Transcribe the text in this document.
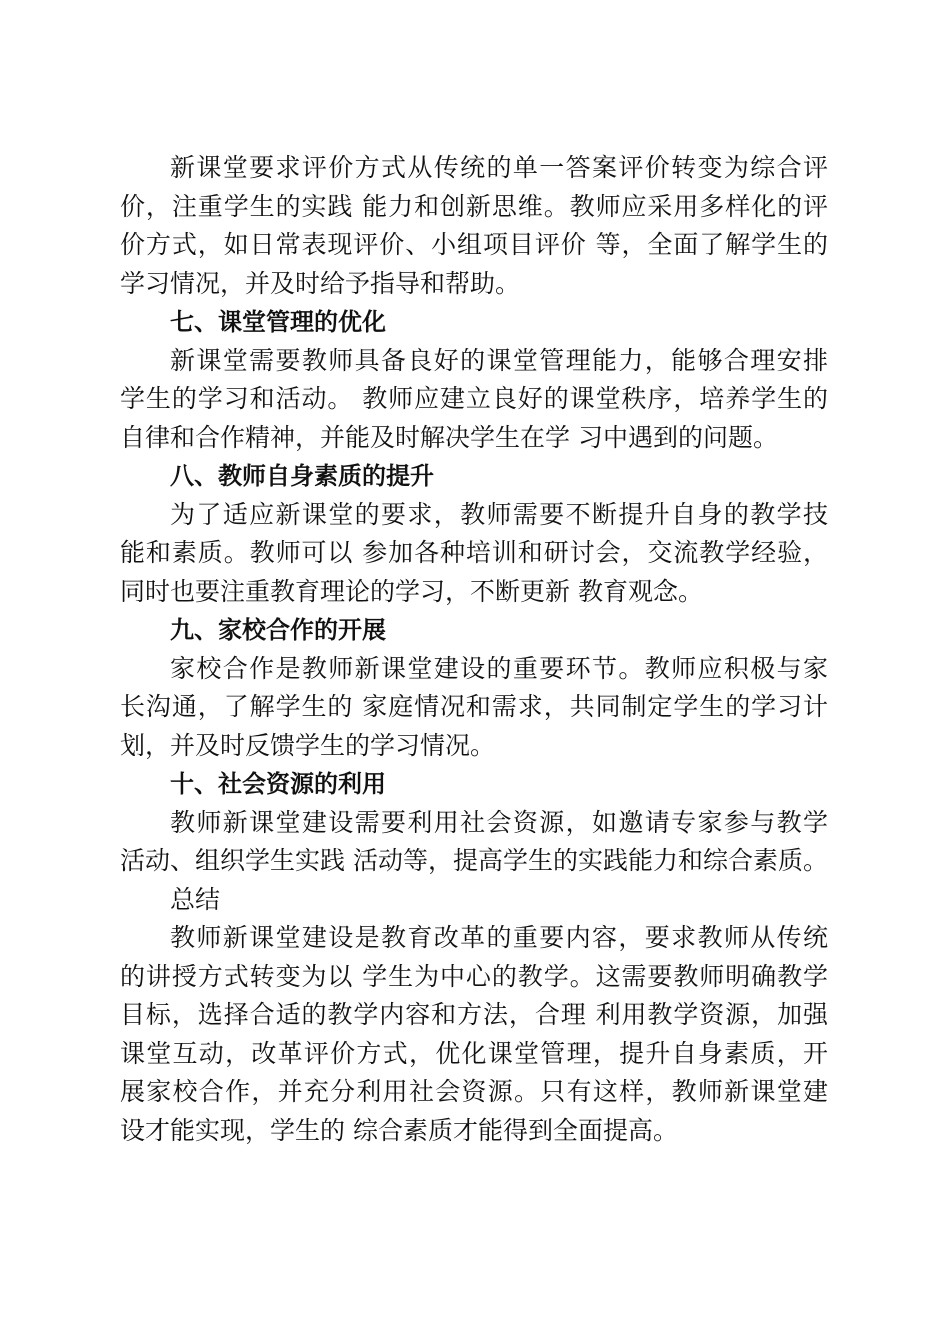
新课堂要求评价方式从传统的单一答案评价转变为综合评
价，注重学生的实践 能力和创新思维。教师应采用多样化的评
价方式，如日常表现评价、小组项目评价 等，全面了解学生的
学习情况，并及时给予指导和帮助。
七、课堂管理的优化
新课堂需要教师具备良好的课堂管理能力，能够合理安排
学生的学习和活动。 教师应建立良好的课堂秩序，培养学生的
自律和合作精神，并能及时解决学生在学 习中遇到的问题。
八、教师自身素质的提升
为了适应新课堂的要求，教师需要不断提升自身的教学技
能和素质。教师可以 参加各种培训和研讨会，交流教学经验，
同时也要注重教育理论的学习，不断更新 教育观念。
九、家校合作的开展
家校合作是教师新课堂建设的重要环节。教师应积极与家
长沟通，了解学生的 家庭情况和需求，共同制定学生的学习计
划，并及时反馈学生的学习情况。
十、社会资源的利用
教师新课堂建设需要利用社会资源，如邀请专家参与教学
活动、组织学生实践 活动等，提高学生的实践能力和综合素质。
总结
教师新课堂建设是教育改革的重要内容，要求教师从传统
的讲授方式转变为以 学生为中心的教学。这需要教师明确教学
目标，选择合适的教学内容和方法，合理 利用教学资源，加强
课堂互动，改革评价方式，优化课堂管理，提升自身素质，开
展家校合作，并充分利用社会资源。只有这样，教师新课堂建
设才能实现，学生的 综合素质才能得到全面提高。
